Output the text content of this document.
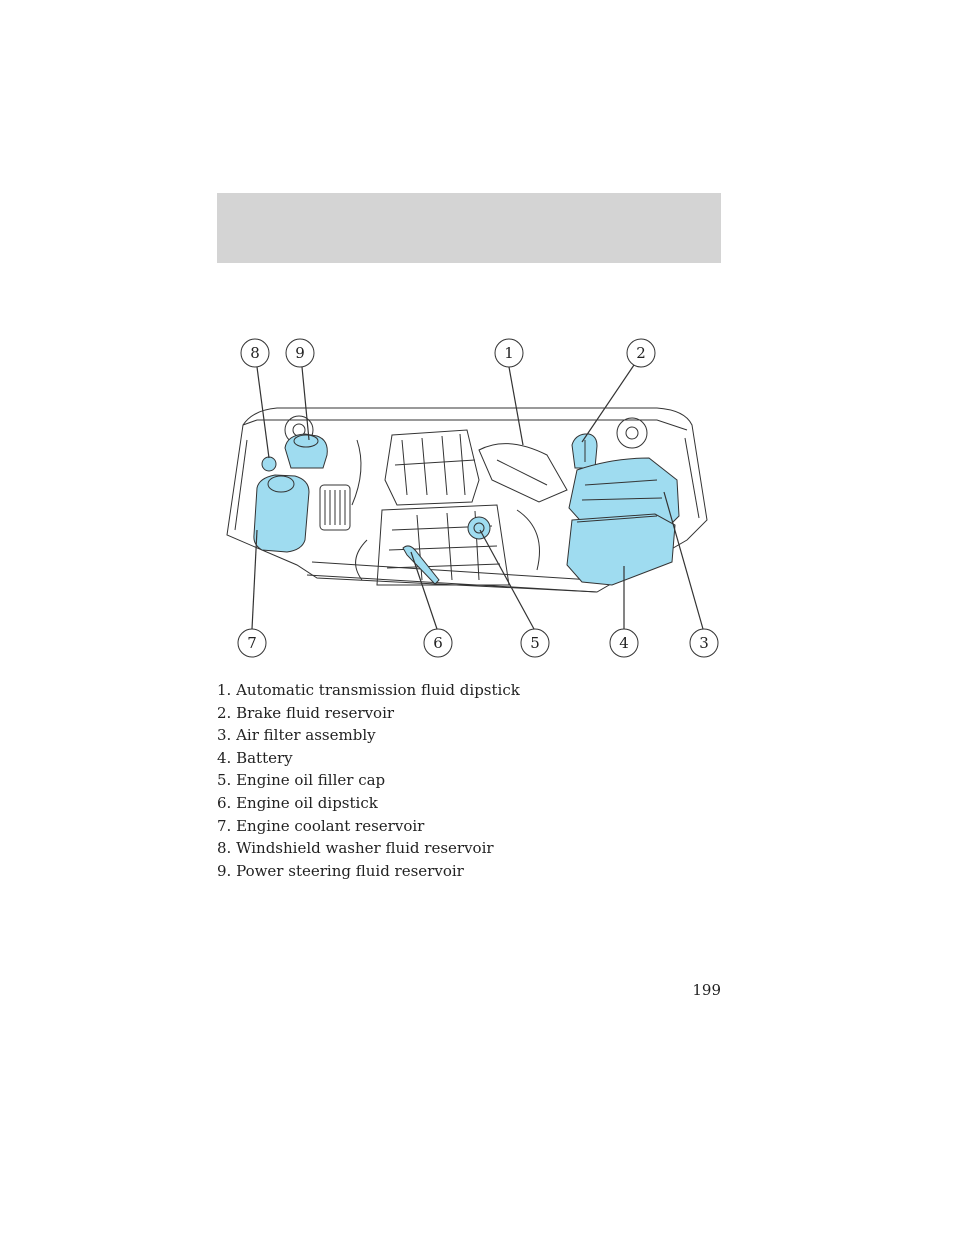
8 9	1	2
7	6	5	4	3
1. Automatic transmission fluid dipstick
2. Brake fluid reservoir
3. Air filter assembly
4. Battery
5. Engine oil filler cap
6. Engine oil dipstick
7. Engine coolant reservoir
8. Windshield washer fluid reservoir
9. Power steering fluid reservoir
199
